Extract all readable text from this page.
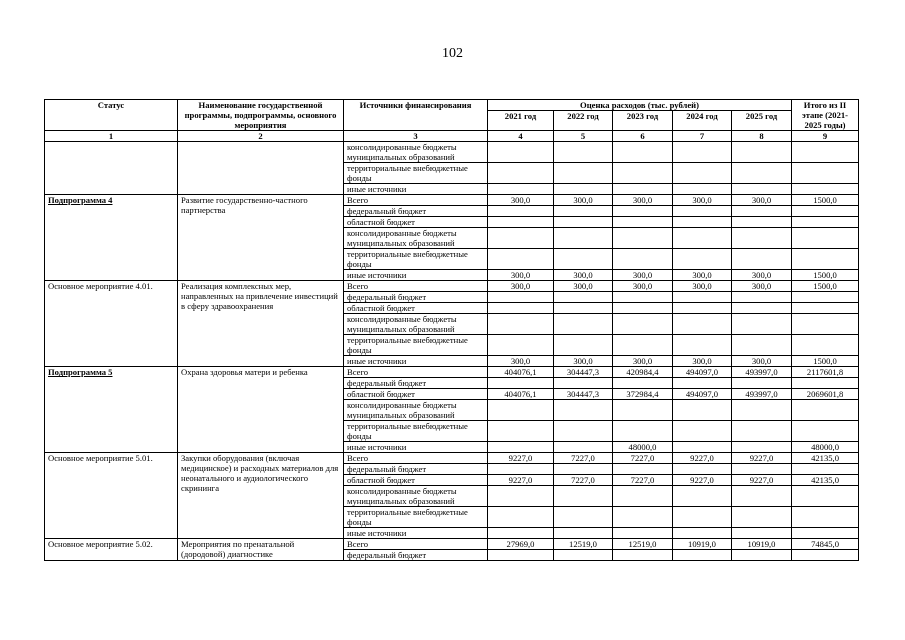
102
Статус	Наименование государственной программы, подпрограммы, основного мероприятия	Источники финансирования	Оценка расходов (тыс. рублей)					Итого из II этапе (2021-2025 годы)
			2021 год	2022 год	2023 год	2024 год	2025 год	
1	2	3	4	5	6	7	8	9
		консолидированные бюджеты муниципальных образований						
		территориальные внебюджетные фонды						
		иные источники						
Подпрограмма 4	Развитие государственно-частного партнерства	Всего	300,0	300,0	300,0	300,0	300,0	1500,0
		федеральный бюджет						
		областной бюджет						
		консолидированные бюджеты муниципальных образований						
		территориальные внебюджетные фонды						
		иные источники	300,0	300,0	300,0	300,0	300,0	1500,0
Основное мероприятие 4.01.	Реализация комплексных мер, направленных на привлечение инвестиций в сферу здравоохранения	Всего	300,0	300,0	300,0	300,0	300,0	1500,0
		федеральный бюджет						
		областной бюджет						
		консолидированные бюджеты муниципальных образований						
		территориальные внебюджетные фонды						
		иные источники	300,0	300,0	300,0	300,0	300,0	1500,0
Подпрограмма 5	Охрана здоровья матери и ребенка	Всего	404076,1	304447,3	420984,4	494097,0	493997,0	2117601,8
		федеральный бюджет						
		областной бюджет	404076,1	304447,3	372984,4	494097,0	493997,0	2069601,8
		консолидированные бюджеты муниципальных образований						
		территориальные внебюджетные фонды						
		иные источники			48000,0			48000,0
Основное мероприятие 5.01.	Закупки оборудования (включая медицинское) и расходных материалов для неонатального и аудиологического скрининга	Всего	9227,0	7227,0	7227,0	9227,0	9227,0	42135,0
		федеральный бюджет						
		областной бюджет	9227,0	7227,0	7227,0	9227,0	9227,0	42135,0
		консолидированные бюджеты муниципальных образований						
		территориальные внебюджетные фонды						
		иные источники						
Основное мероприятие 5.02.	Мероприятия по пренатальной (дородовой) диагностике	Всего	27969,0	12519,0	12519,0	10919,0	10919,0	74845,0
		федеральный бюджет						
